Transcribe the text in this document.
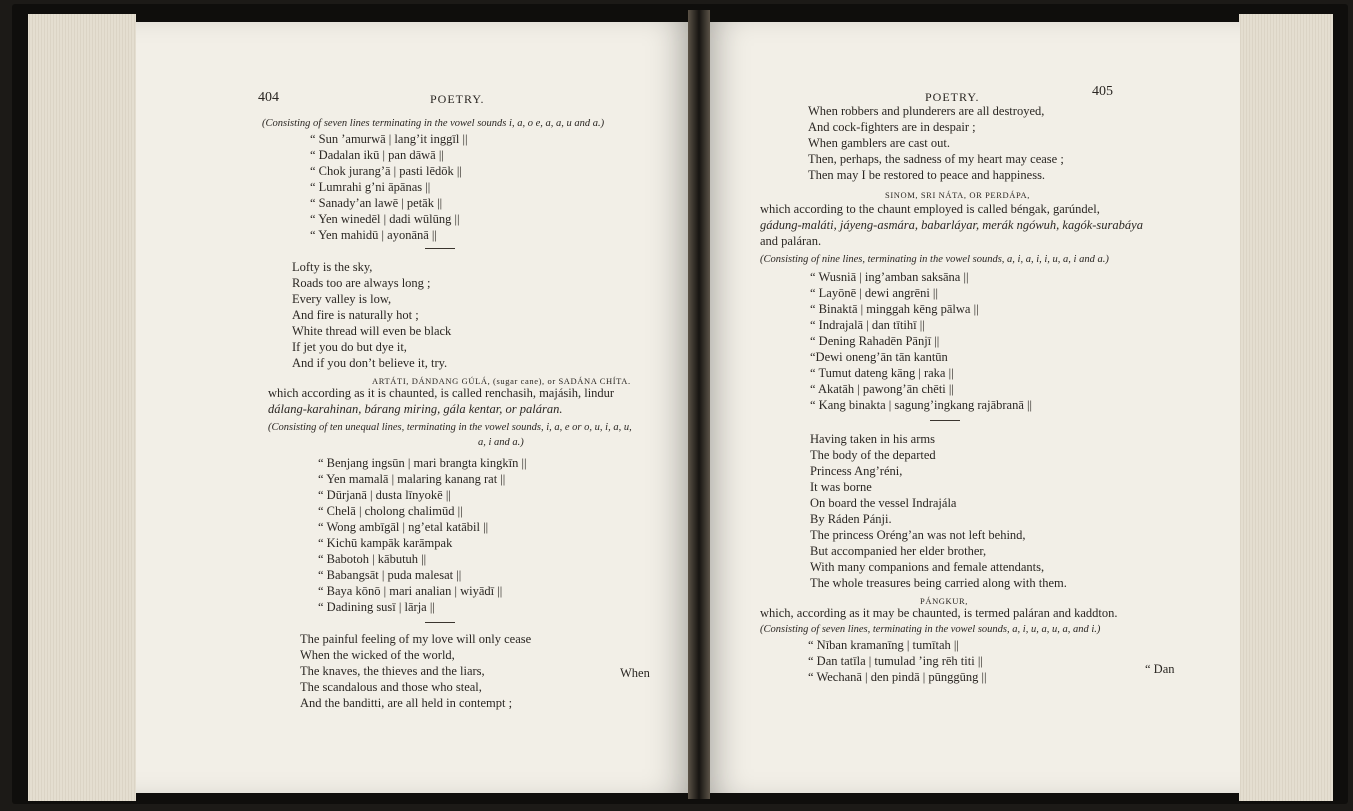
404	POETRY.
(Consisting of seven lines terminating in the vowel sounds i, a, o e, a, a, u and a.)
“ Sun ’amurwā | lang’it inggīl ||
“ Dadalan ikū | pan dāwā ||
“ Chok jurang’ā | pasti lēdōk ||
“ Lumrahi g’ni āpānas ||
“ Sanady’an lawē | petāk ||
“ Yen winedēl | dadi wūlūng ||
“ Yen mahidū | ayonānā ||
Lofty is the sky,
Roads too are always long ;
Every valley is low,
And fire is naturally hot ;
White thread will even be black
If jet you do but dye it,
And if you don’t believe it, try.
ARTÁTI, DÁNDANG GÚLÁ, (sugar cane), or SADÁNA CHÍTA.
which according as it is chaunted, is called renchasih, majásih, lindur
dálang-karahinan, bárang miring, gála kentar, or paláran.
(Consisting of ten unequal lines, terminating in the vowel sounds, i, a, e or o, u, i, a, u,
a, i and a.)
“ Benjang ingsūn | mari brangta kingkīn ||
“ Yen mamalā | malaring kanang rat ||
“ Dūrjanā | dusta līnyokē ||
“ Chelā | cholong chalimūd ||
“ Wong ambīgāl | ng’etal katābil ||
“ Kichū kampāk karāmpak
“ Babotoh | kābutuh ||
“ Babangsāt | puda malesat ||
“ Baya kōnō | mari analian | wiyādī ||
“ Dadining susī | lārja ||
The painful feeling of my love will only cease
When the wicked of the world,
The knaves, the thieves and the liars,
The scandalous and those who steal,
And the banditti, are all held in contempt ;
When
POETRY.	405
When robbers and plunderers are all destroyed,
And cock-fighters are in despair ;
When gamblers are cast out.
Then, perhaps, the sadness of my heart may cease ;
Then may I be restored to peace and happiness.
SINOM, SRI NÁTA, OR PERDÁPA,
which according to the chaunt employed is called béngak, garúndel,
gádung-maláti, jáyeng-asmára, babarláyar, merák ngówuh, kagók-surabáya
and paláran.
(Consisting of nine lines, terminating in the vowel sounds, a, i, a, i, i, u, a, i and a.)
“ Wusniā | ing’amban saksāna ||
“ Layōnē | dewi angrēni ||
“ Binaktā | minggah kēng pālwa ||
“ Indrajalā | dan tītihī ||
“ Dening Rahadēn Pānjī ||
“Dewi oneng’ān tān kantūn
“ Tumut dateng kāng | raka ||
“ Akatāh | pawong’ān chēti ||
“ Kang binakta | sagung’ingkang rajābranā ||
Having taken in his arms
The body of the departed
Princess Ang’réni,
It was borne
On board the vessel Indrajála
By Ráden Pánji.
The princess Oréng’an was not left behind,
But accompanied her elder brother,
With many companions and female attendants,
The whole treasures being carried along with them.
PÁNGKUR,
which, according as it may be chaunted, is termed paláran and kaddton.
(Consisting of seven lines, terminating in the vowel sounds, a, i, u, a, u, a, and i.)
“ Nīban kramanīng | tumītah ||
“ Dan tatīla | tumulad ’ing rēh titi ||
“ Wechanā | den pindā | pūnggūng ||
“ Dan
